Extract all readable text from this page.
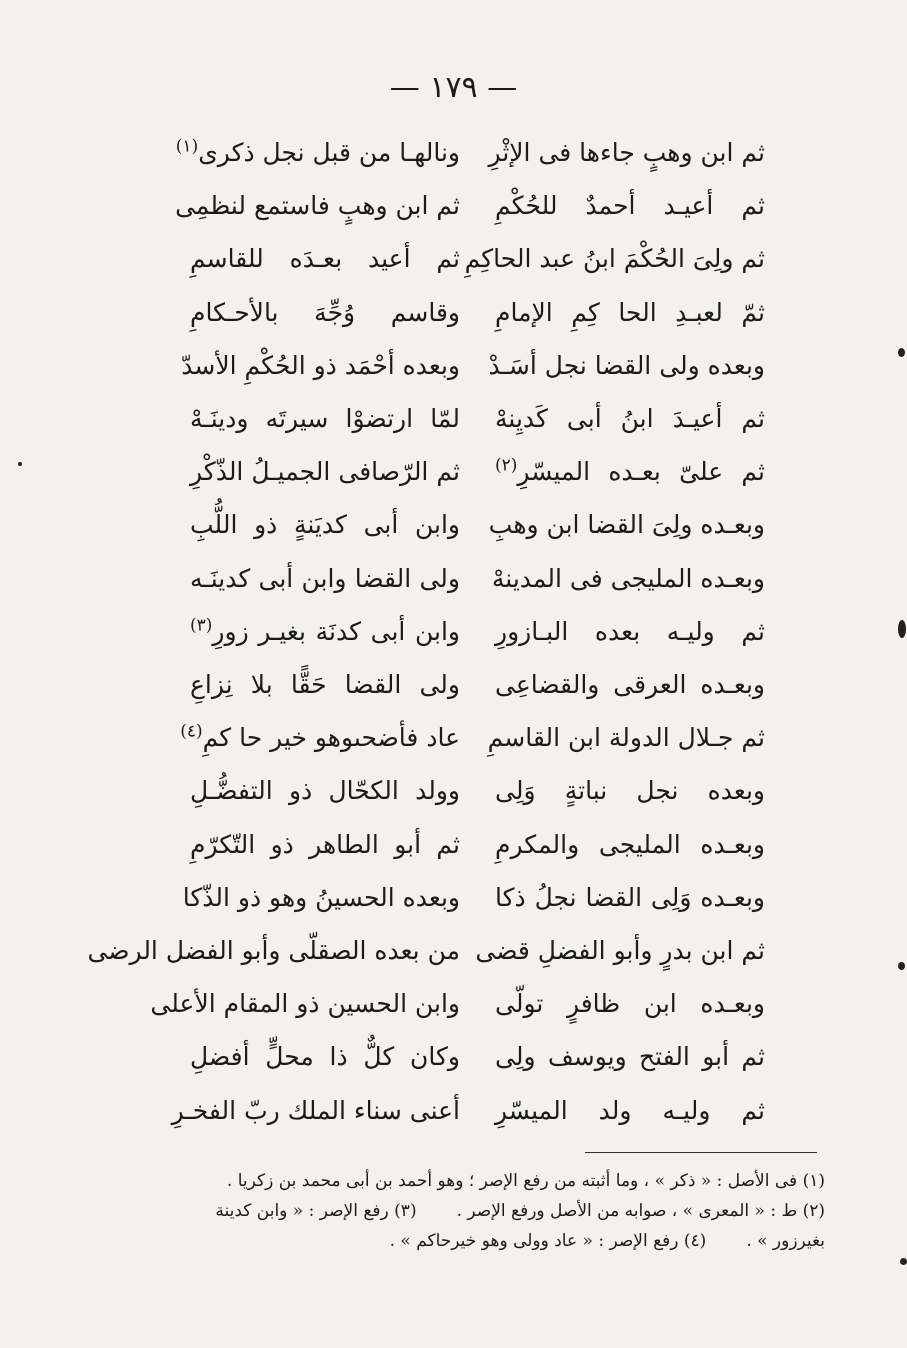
— ١٧٩ —
ثم ابن وهبٍ جاءها فى الإثْرِ
ونالهـا من قبل نجل ذكرى$^{(١)}$
ثم أعيـد أحمدٌ للحُكْمِ
ثم ابن وهبٍ فاستمع لنظمِى
ثم ولِىَ الحُكْمَ ابنُ عبد الحاكِمِ
ثم أعيد بعـدَه للقاسمِ
ثمّ لعبـدِ الحا كِمِ الإمامِ
وقاسم وُجِّهَ بالأحـكامِ
وبعده ولى القضا نجل أسَـدْ
وبعده أحْمَد ذو الحُكْمِ الأسدّ
ثم أعيـدَ ابنُ أبى كَديِنهْ
لمّا ارتضوْا سيرتَه ودينَـهْ
ثم علىّ بعـده الميسّرِ$^{(٢)}$
ثم الرّصافى الجميـلُ الذّكْرِ
وبعـده ولِىَ القضا ابن وهبِ
وابن أبى كديَنةٍ ذو اللُّبِ
وبعـده المليجى فى المدينهْ
ولى القضا وابن أبى كدينَـه
ثم وليـه بعده البـازورِ
وابن أبى كدنَة بغيـر زورِ$^{(٣)}$
وبعـده العرقى والقضاعِى
ولى القضا حَقًّا بلا نِزاعِ
ثم جـلال الدولة ابن القاسمِ
عاد فأضحىوهو خير حا كمِ$^{(٤)}$
وبعده نجل نباتةٍ وَلِى
وولد الكحّال ذو التفضُّـلِ
وبعـده المليجى والمكرمِ
ثم أبو الطاهر ذو التّكرّمِ
وبعـده وَلِى القضا نجلُ ذكا
وبعده الحسينُ وهو ذو الذّكا
ثم ابن بدرٍ وأبو الفضلِ قضى
من بعده الصقلّى وأبو الفضل الرضى
وبعـده ابن ظافرٍ تولّى
وابن الحسين ذو المقام الأعلى
ثم أبو الفتح ويوسف ولِى
وكان كلٌّ ذا محلٍّ أفضلِ
ثم وليـه ولد الميسّرِ
أعنى سناء الملك ربّ الفخـرِ
(١) فى الأصل : « ذكر » ، وما أثبته من رفع الإصر ؛ وهو أحمد بن أبى محمد بن زكريا .
(٢) ط : « المعرى » ، صوابه من الأصل ورفع الإصر .(٣) رفع الإصر : « وابن كدينة
بغيرزور » .(٤) رفع الإصر : « عاد وولى وهو خيرحاكم » .
